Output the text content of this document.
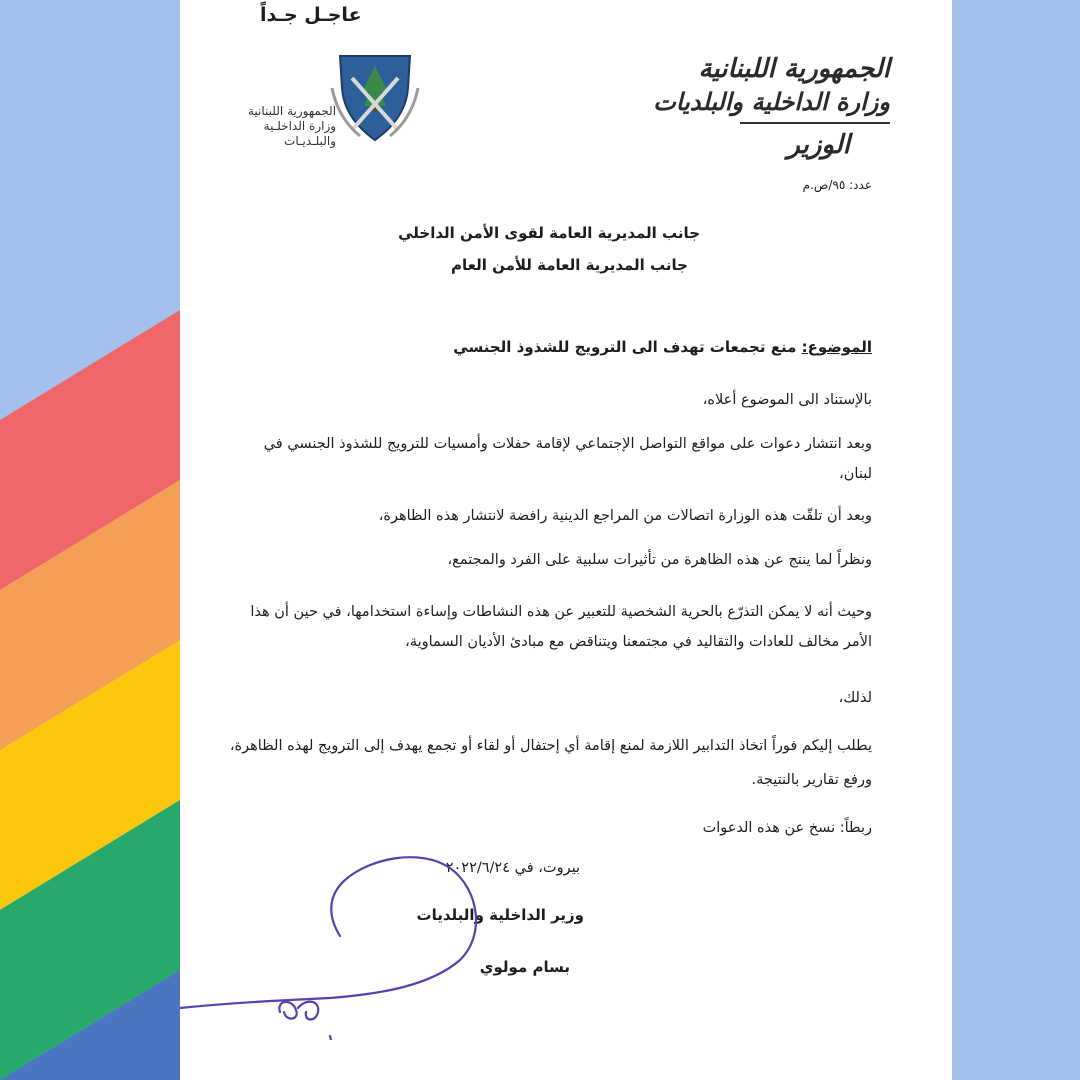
عاجـل جـداً
الجمهورية اللبنانية
وزارة الداخلـية
والبلـديـات
الجمهورية اللبنانية
وزارة الداخلية والبلديات
الوزير
عدد: ٩٥/ص.م
جانب المديرية العامة لقوى الأمن الداخلي
جانب المديرية العامة للأمن العام
الموضوع: منع تجمعات تهدف الى الترويج للشذوذ الجنسي
بالإستناد الى الموضوع أعلاه،
وبعد انتشار دعوات على مواقع التواصل الإجتماعي لإقامة حفلات وأمسيات للترويج للشذوذ الجنسي في
لبنان،
وبعد أن تلقّت هذه الوزارة اتصالات من المراجع الدينية رافضة لانتشار هذه الظاهرة،
ونظراً لما ينتج عن هذه الظاهرة من تأثيرات سلبية على الفرد والمجتمع،
وحيث أنه لا يمكن التذرّع بالحرية الشخصية للتعبير عن هذه النشاطات وإساءة استخدامها، في حين أن هذا
الأمر مخالف للعادات والتقاليد في مجتمعنا ويتناقض مع مبادئ الأديان السماوية،
لذلك،
يطلب إليكم فوراً اتخاذ التدابير اللازمة لمنع إقامة أي إحتفال أو لقاء أو تجمع يهدف إلى الترويج لهذه الظاهرة،
ورفع تقارير بالنتيجة.
ربطاً: نسخ عن هذه الدعوات
بيروت، في ٢٠٢٢/٦/٢٤
وزير الداخلية والبلديات
بسام مولوي
